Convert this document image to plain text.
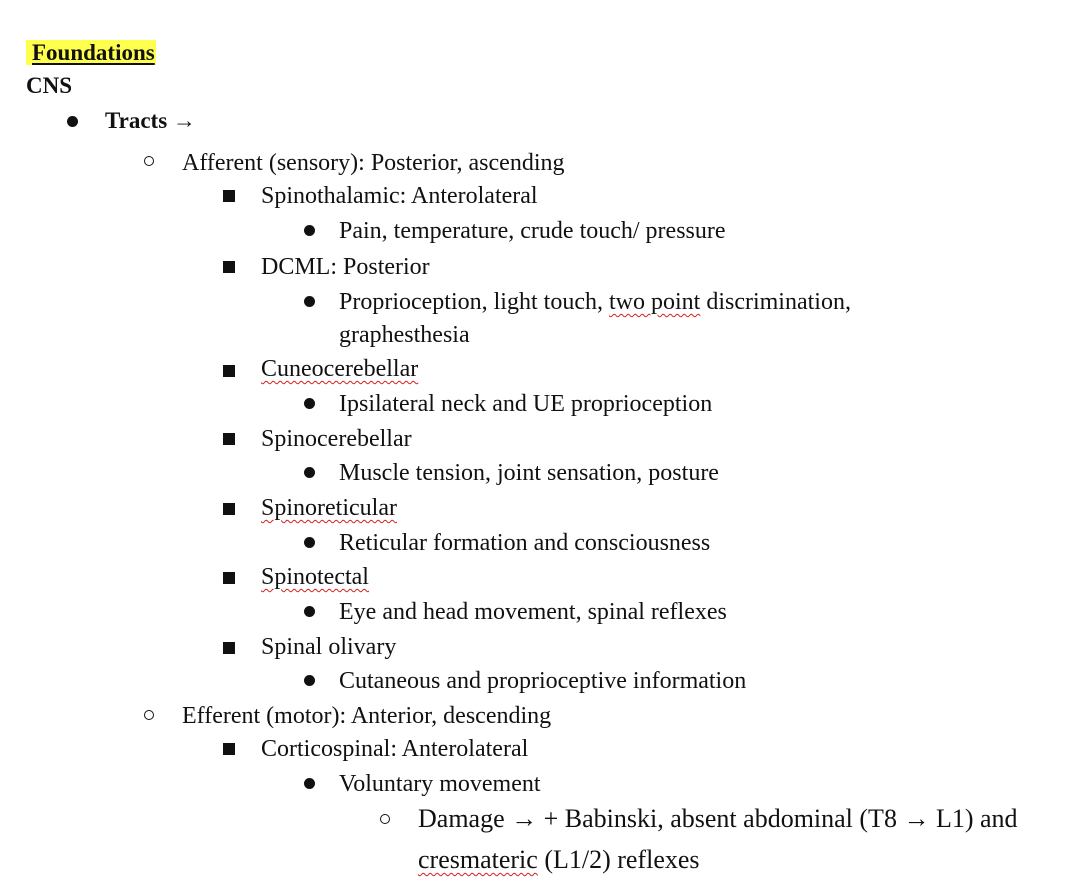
Foundations
CNS
Tracts →
Afferent (sensory): Posterior, ascending
Spinothalamic: Anterolateral
Pain, temperature, crude touch/ pressure
DCML: Posterior
Proprioception, light touch, two point discrimination,
graphesthesia
Cuneocerebellar
Ipsilateral neck and UE proprioception
Spinocerebellar
Muscle tension, joint sensation, posture
Spinoreticular
Reticular formation and consciousness
Spinotectal
Eye and head movement, spinal reflexes
Spinal olivary
Cutaneous and proprioceptive information
Efferent (motor): Anterior, descending
Corticospinal: Anterolateral
Voluntary movement
Damage → + Babinski, absent abdominal (T8 → L1) and
cresmateric (L1/2) reflexes
